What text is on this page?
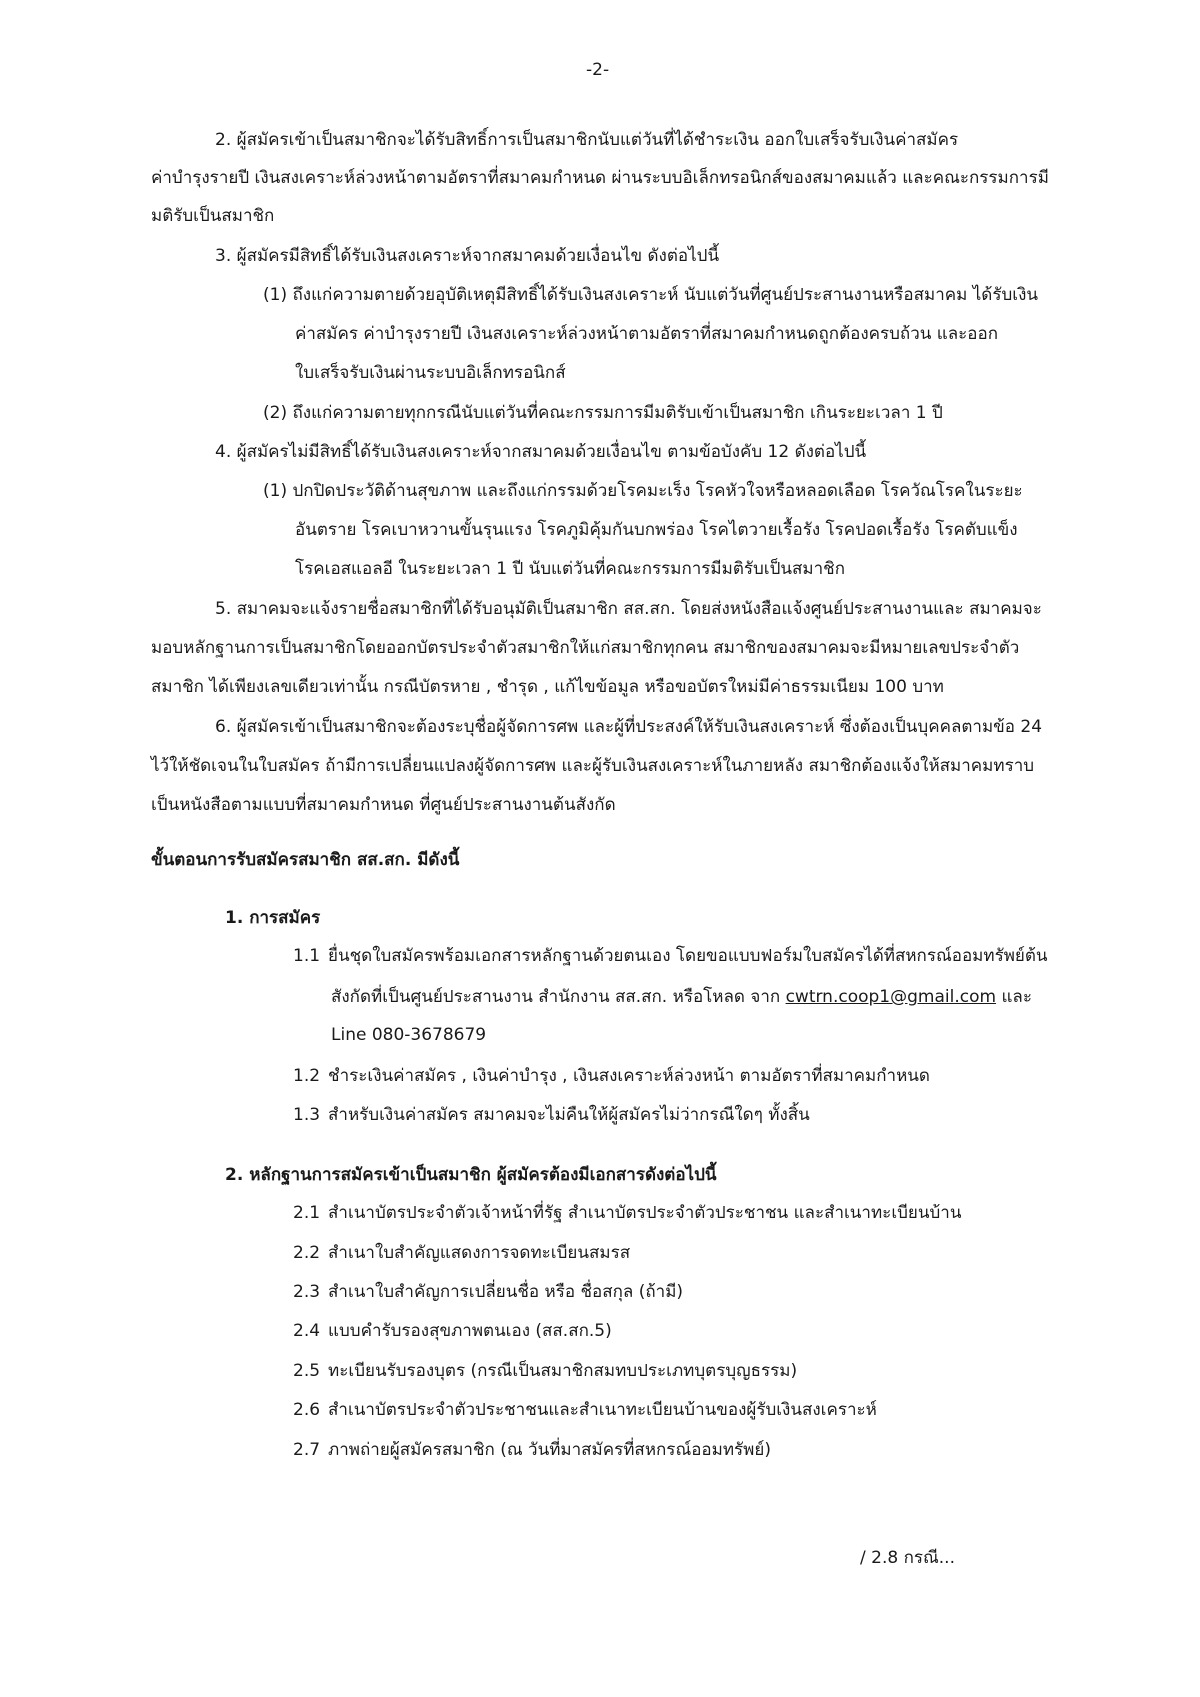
-2-
2. ผู้สมัครเข้าเป็นสมาชิกจะได้รับสิทธิ์การเป็นสมาชิกนับแต่วันที่ได้ชำระเงิน ออกใบเสร็จรับเงินค่าสมัคร
ค่าบำรุงรายปี เงินสงเคราะห์ล่วงหน้าตามอัตราที่สมาคมกำหนด ผ่านระบบอิเล็กทรอนิกส์ของสมาคมแล้ว และคณะกรรมการมี
มติรับเป็นสมาชิก
3. ผู้สมัครมีสิทธิ์ได้รับเงินสงเคราะห์จากสมาคมด้วยเงื่อนไข ดังต่อไปนี้
(1) ถึงแก่ความตายด้วยอุบัติเหตุมีสิทธิ์ได้รับเงินสงเคราะห์ นับแต่วันที่ศูนย์ประสานงานหรือสมาคม ได้รับเงิน
ค่าสมัคร ค่าบำรุงรายปี เงินสงเคราะห์ล่วงหน้าตามอัตราที่สมาคมกำหนดถูกต้องครบถ้วน และออก
ใบเสร็จรับเงินผ่านระบบอิเล็กทรอนิกส์
(2) ถึงแก่ความตายทุกกรณีนับแต่วันที่คณะกรรมการมีมติรับเข้าเป็นสมาชิก เกินระยะเวลา 1 ปี
4. ผู้สมัครไม่มีสิทธิ์ได้รับเงินสงเคราะห์จากสมาคมด้วยเงื่อนไข ตามข้อบังคับ 12 ดังต่อไปนี้
(1) ปกปิดประวัติด้านสุขภาพ และถึงแก่กรรมด้วยโรคมะเร็ง โรคหัวใจหรือหลอดเลือด โรควัณโรคในระยะ
อันตราย โรคเบาหวานขั้นรุนแรง โรคภูมิคุ้มกันบกพร่อง โรคไตวายเรื้อรัง โรคปอดเรื้อรัง โรคตับแข็ง
โรคเอสแอลอี ในระยะเวลา 1 ปี นับแต่วันที่คณะกรรมการมีมติรับเป็นสมาชิก
5. สมาคมจะแจ้งรายชื่อสมาชิกที่ได้รับอนุมัติเป็นสมาชิก สส.สก. โดยส่งหนังสือแจ้งศูนย์ประสานงานและ สมาคมจะ
มอบหลักฐานการเป็นสมาชิกโดยออกบัตรประจำตัวสมาชิกให้แก่สมาชิกทุกคน สมาชิกของสมาคมจะมีหมายเลขประจำตัว
สมาชิก ได้เพียงเลขเดียวเท่านั้น กรณีบัตรหาย , ชำรุด , แก้ไขข้อมูล หรือขอบัตรใหม่มีค่าธรรมเนียม 100 บาท
6. ผู้สมัครเข้าเป็นสมาชิกจะต้องระบุชื่อผู้จัดการศพ และผู้ที่ประสงค์ให้รับเงินสงเคราะห์ ซึ่งต้องเป็นบุคคลตามข้อ 24
ไว้ให้ชัดเจนในใบสมัคร ถ้ามีการเปลี่ยนแปลงผู้จัดการศพ และผู้รับเงินสงเคราะห์ในภายหลัง สมาชิกต้องแจ้งให้สมาคมทราบ
เป็นหนังสือตามแบบที่สมาคมกำหนด ที่ศูนย์ประสานงานต้นสังกัด
ขั้นตอนการรับสมัครสมาชิก สส.สก. มีดังนี้
1. การสมัคร
1.1 ยื่นชุดใบสมัครพร้อมเอกสารหลักฐานด้วยตนเอง โดยขอแบบฟอร์มใบสมัครได้ที่สหกรณ์ออมทรัพย์ต้น
สังกัดที่เป็นศูนย์ประสานงาน สำนักงาน สส.สก. หรือโหลด จาก cwtrn.coop1@gmail.com และ
Line 080-3678679
1.2 ชำระเงินค่าสมัคร , เงินค่าบำรุง , เงินสงเคราะห์ล่วงหน้า ตามอัตราที่สมาคมกำหนด
1.3 สำหรับเงินค่าสมัคร สมาคมจะไม่คืนให้ผู้สมัครไม่ว่ากรณีใดๆ ทั้งสิ้น
2. หลักฐานการสมัครเข้าเป็นสมาชิก ผู้สมัครต้องมีเอกสารดังต่อไปนี้
2.1 สำเนาบัตรประจำตัวเจ้าหน้าที่รัฐ สำเนาบัตรประจำตัวประชาชน และสำเนาทะเบียนบ้าน
2.2 สำเนาใบสำคัญแสดงการจดทะเบียนสมรส
2.3 สำเนาใบสำคัญการเปลี่ยนชื่อ หรือ ชื่อสกุล (ถ้ามี)
2.4 แบบคำรับรองสุขภาพตนเอง (สส.สก.5)
2.5 ทะเบียนรับรองบุตร (กรณีเป็นสมาชิกสมทบประเภทบุตรบุญธรรม)
2.6 สำเนาบัตรประจำตัวประชาชนและสำเนาทะเบียนบ้านของผู้รับเงินสงเคราะห์
2.7 ภาพถ่ายผู้สมัครสมาชิก (ณ วันที่มาสมัครที่สหกรณ์ออมทรัพย์)
/ 2.8 กรณี...
